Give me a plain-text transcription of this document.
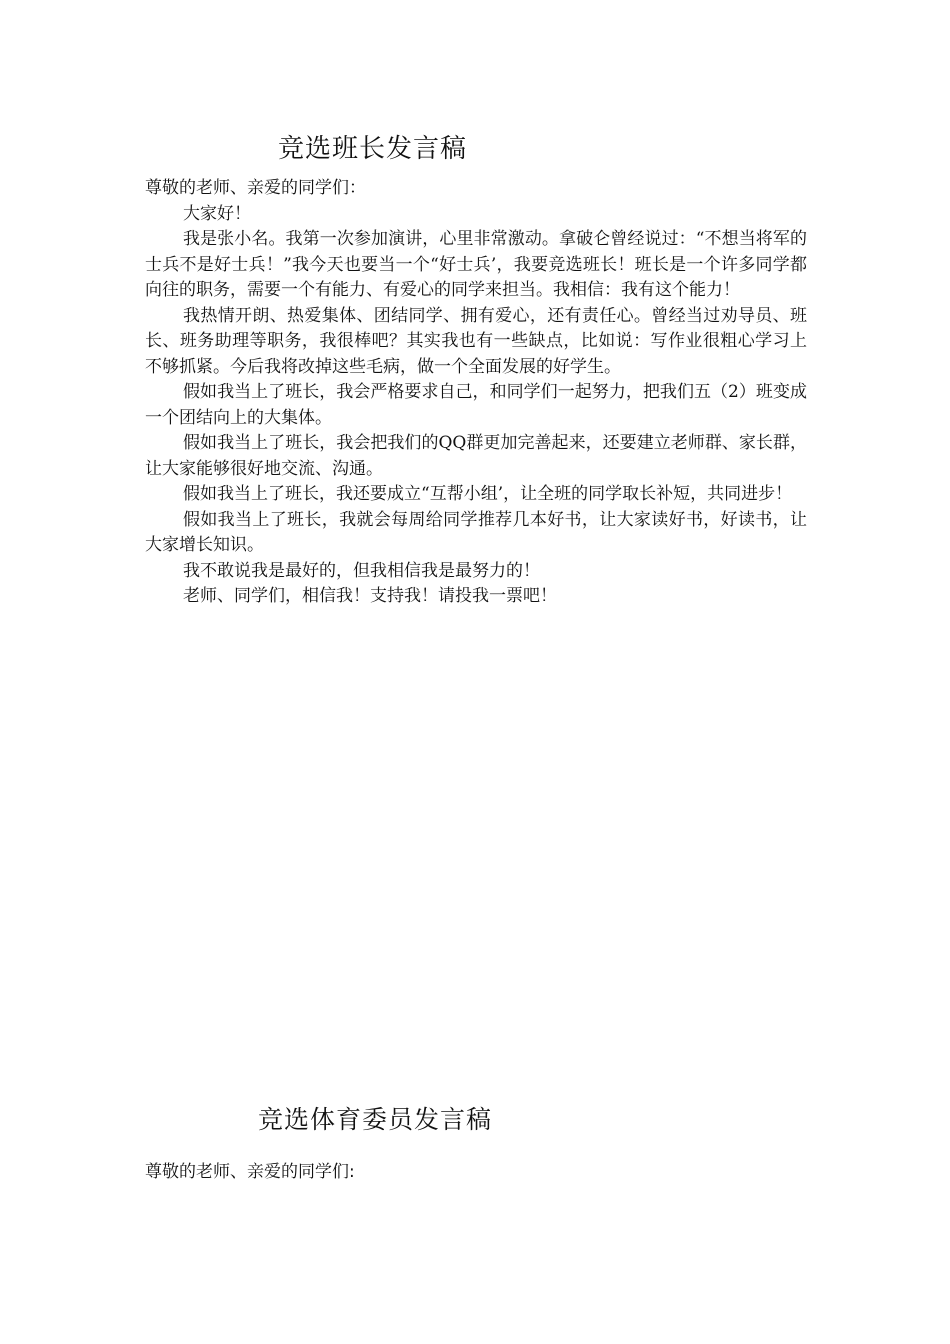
竞选班长发言稿

尊敬的老师、亲爱的同学们：

大家好！

我是张小名。我第一次参加演讲，心里非常激动。拿破仑曾经说过：“不想当将军的士兵不是好士兵！”我今天也要当一个“好士兵’，我要竞选班长！班长是一个许多同学都向往的职务，需要一个有能力、有爱心的同学来担当。我相信：我有这个能力！

我热情开朗、热爱集体、团结同学、拥有爱心，还有责任心。曾经当过劝导员、班长、班务助理等职务，我很棒吧？其实我也有一些缺点，比如说：写作业很粗心学习上不够抓紧。今后我将改掉这些毛病，做一个全面发展的好学生。

假如我当上了班长，我会严格要求自己，和同学们一起努力，把我们五（2）班变成一个团结向上的大集体。

假如我当上了班长，我会把我们的QQ群更加完善起来，还要建立老师群、家长群，让大家能够很好地交流、沟通。

假如我当上了班长，我还要成立“互帮小组’，让全班的同学取长补短，共同进步！

假如我当上了班长，我就会每周给同学推荐几本好书，让大家读好书，好读书，让大家增长知识。

我不敢说我是最好的，但我相信我是最努力的！

老师、同学们，相信我！支持我！请投我一票吧！

竞选体育委员发言稿
尊敬的老师、亲爱的同学们:
